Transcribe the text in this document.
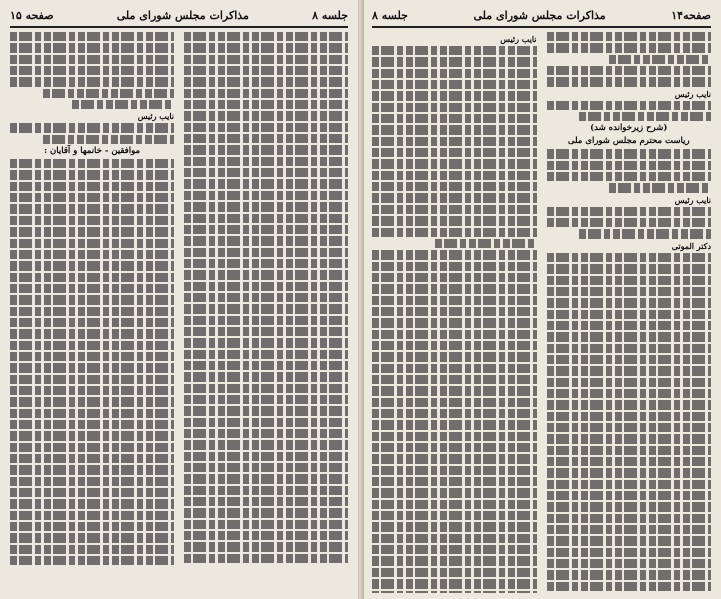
صفحه۱۴
مذاکرات مجلس شورای ملی
جلسه ۸
نایب رئیس
(شرح زیرخوانده شد)
ریاست محترم مجلس شورای ملی
نایب رئیس
دکتر الموتی
نایب رئیس
جلسه ۸
مذاکرات مجلس شورای ملی
صفحه ۱۵
نایب رئیس
موافقین - خانمها و آقایان :
